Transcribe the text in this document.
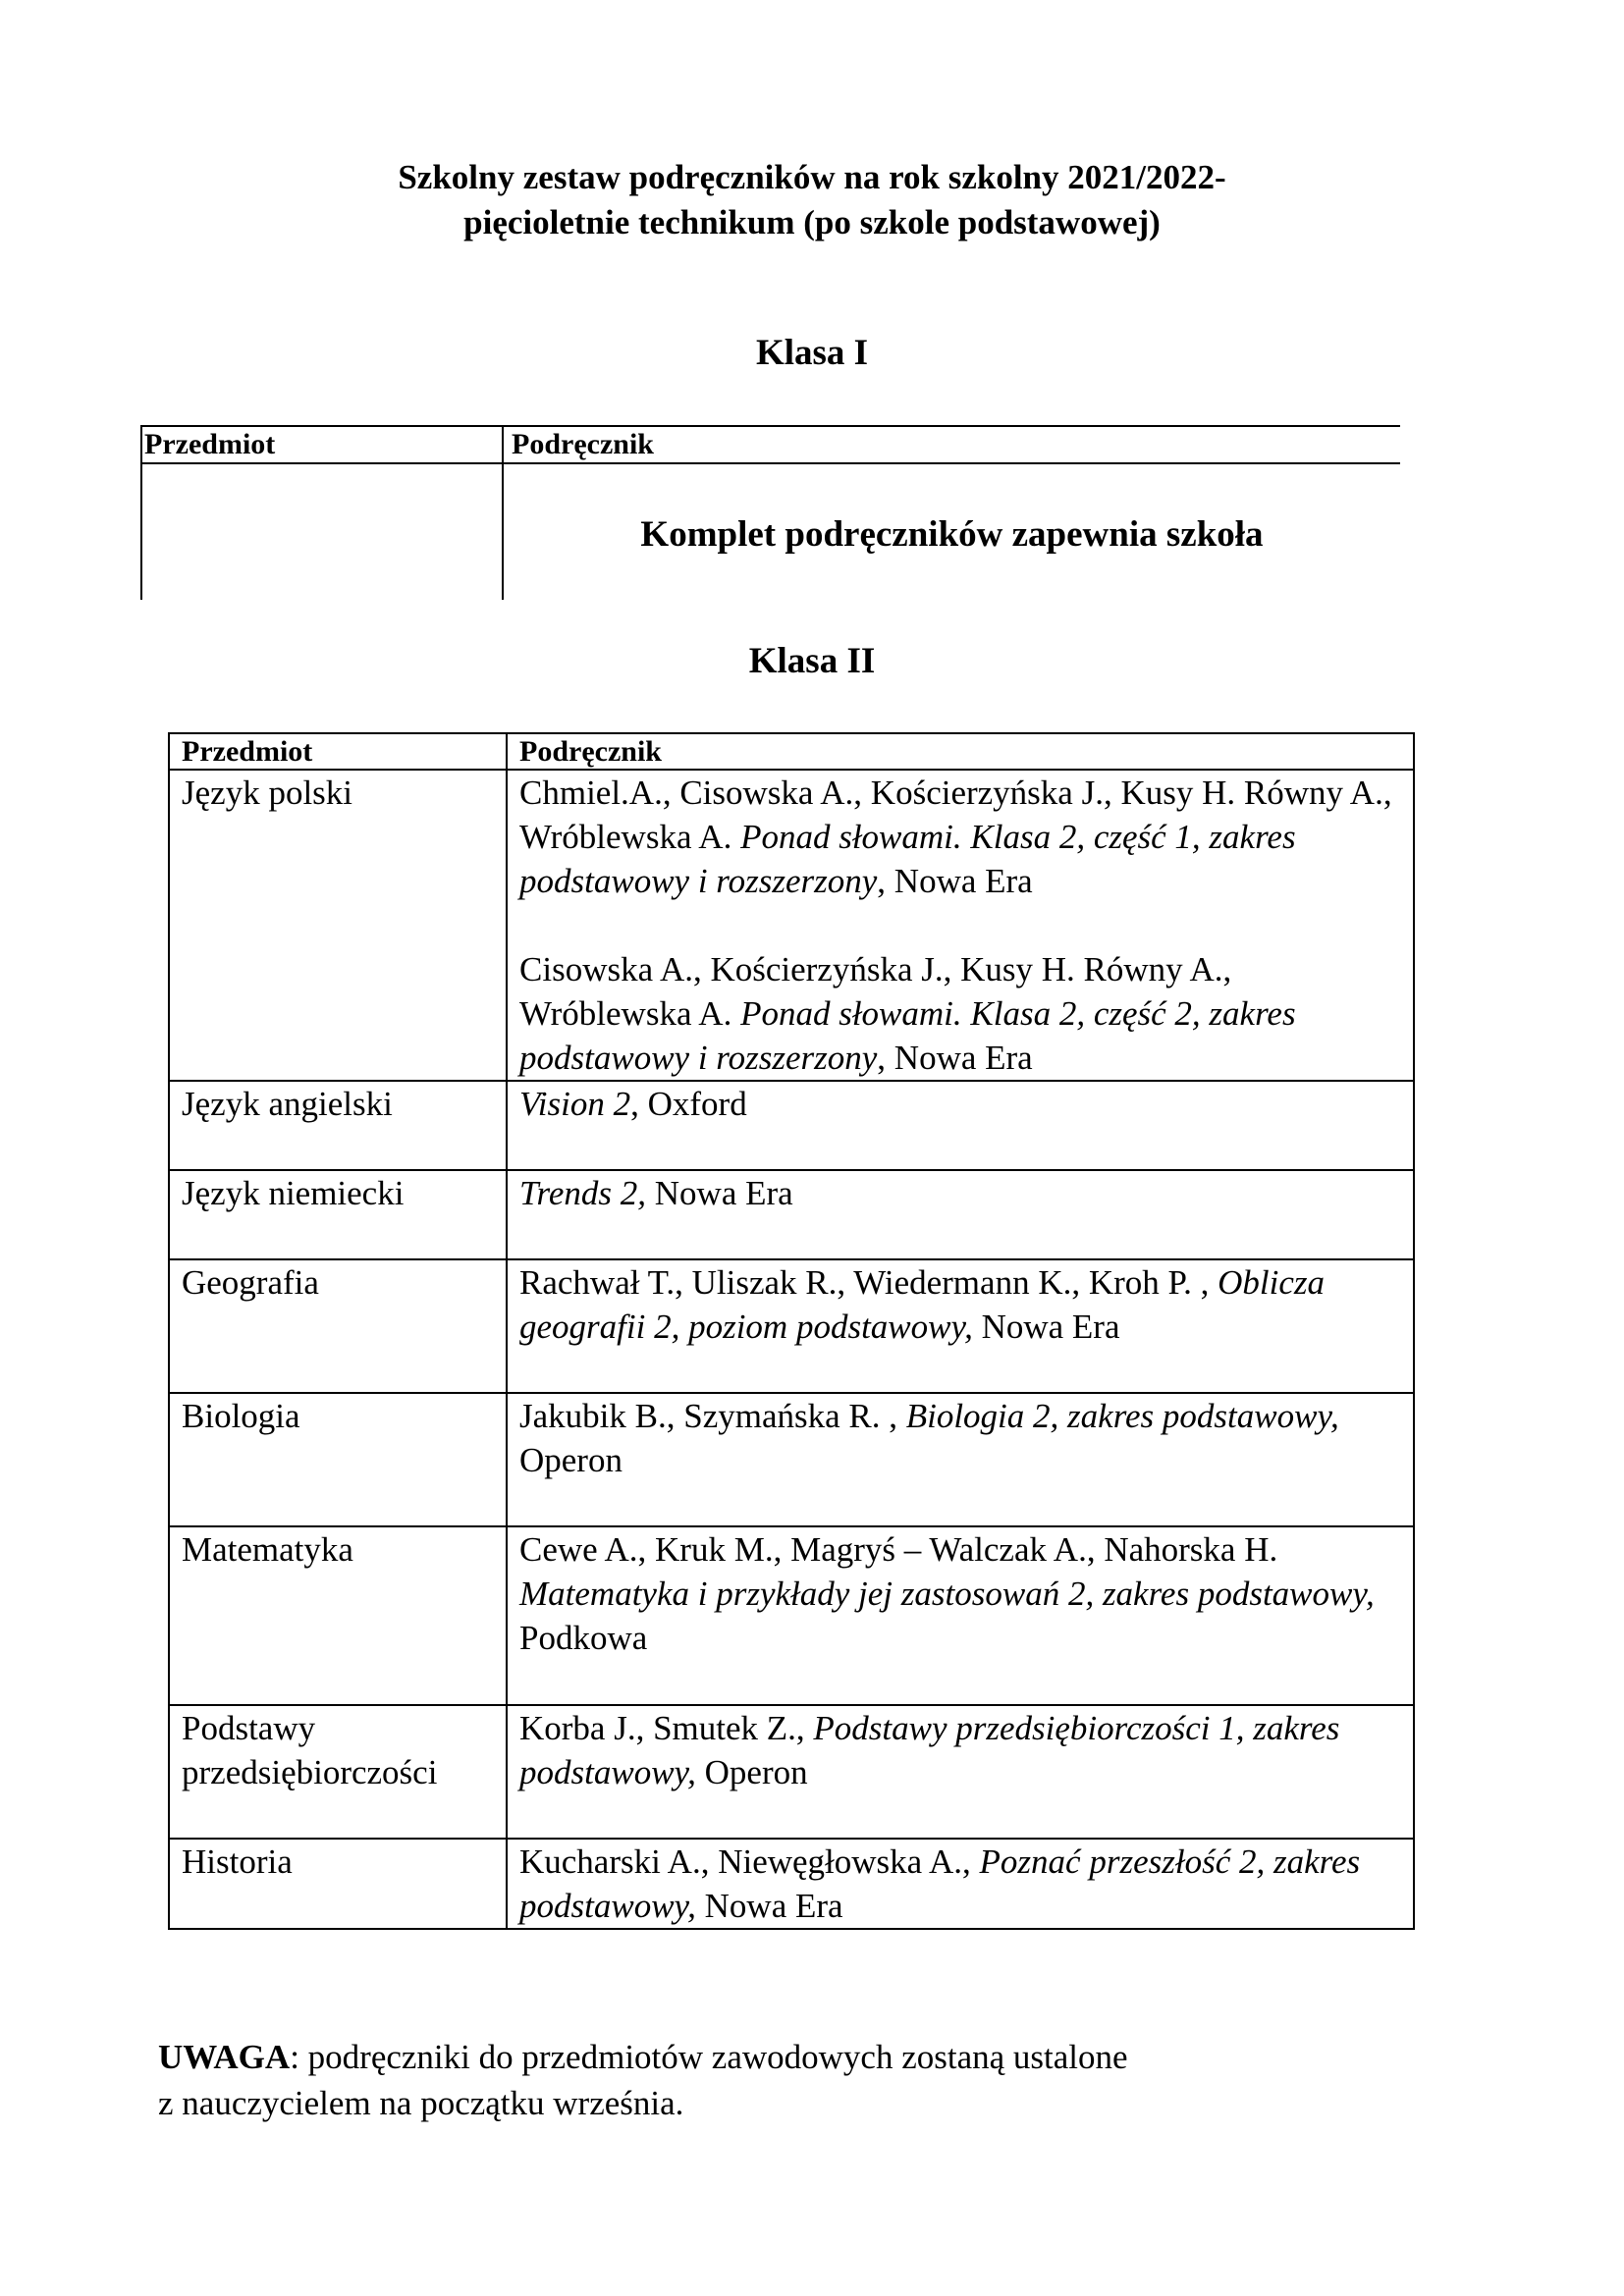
Szkolny zestaw podręczników na rok szkolny 2021/2022-
pięcioletnie technikum (po szkole podstawowej)
Klasa I
Przedmiot	Podręcznik
Komplet podręczników zapewnia szkoła
Klasa II
Przedmiot	Podręcznik
Język polski	Chmiel.A., Cisowska A., Kościerzyńska J., Kusy H. Równy A., Wróblewska A. Ponad słowami. Klasa 2, część 1, zakres podstawowy i rozszerzony, Nowa Era
Cisowska A., Kościerzyńska J., Kusy H. Równy A., Wróblewska A. Ponad słowami. Klasa 2, część 2, zakres podstawowy i rozszerzony, Nowa Era

Język angielski	Vision 2, Oxford
Język niemiecki	Trends 2, Nowa Era
Geografia	Rachwał T., Uliszak R., Wiedermann K., Kroh P. , Oblicza geografii 2, poziom podstawowy, Nowa Era
Biologia	Jakubik B., Szymańska R. , Biologia 2, zakres podstawowy, Operon
Matematyka	Cewe A., Kruk M., Magryś – Walczak A., Nahorska H. Matematyka i przykłady jej zastosowań 2, zakres podstawowy, Podkowa
Podstawy przedsiębiorczości	Korba J., Smutek Z., Podstawy przedsiębiorczości 1, zakres podstawowy, Operon
Historia	Kucharski A., Niewęgłowska A., Poznać przeszłość 2, zakres podstawowy, Nowa Era
UWAGA: podręczniki do przedmiotów zawodowych zostaną ustalone
z nauczycielem na początku września.
